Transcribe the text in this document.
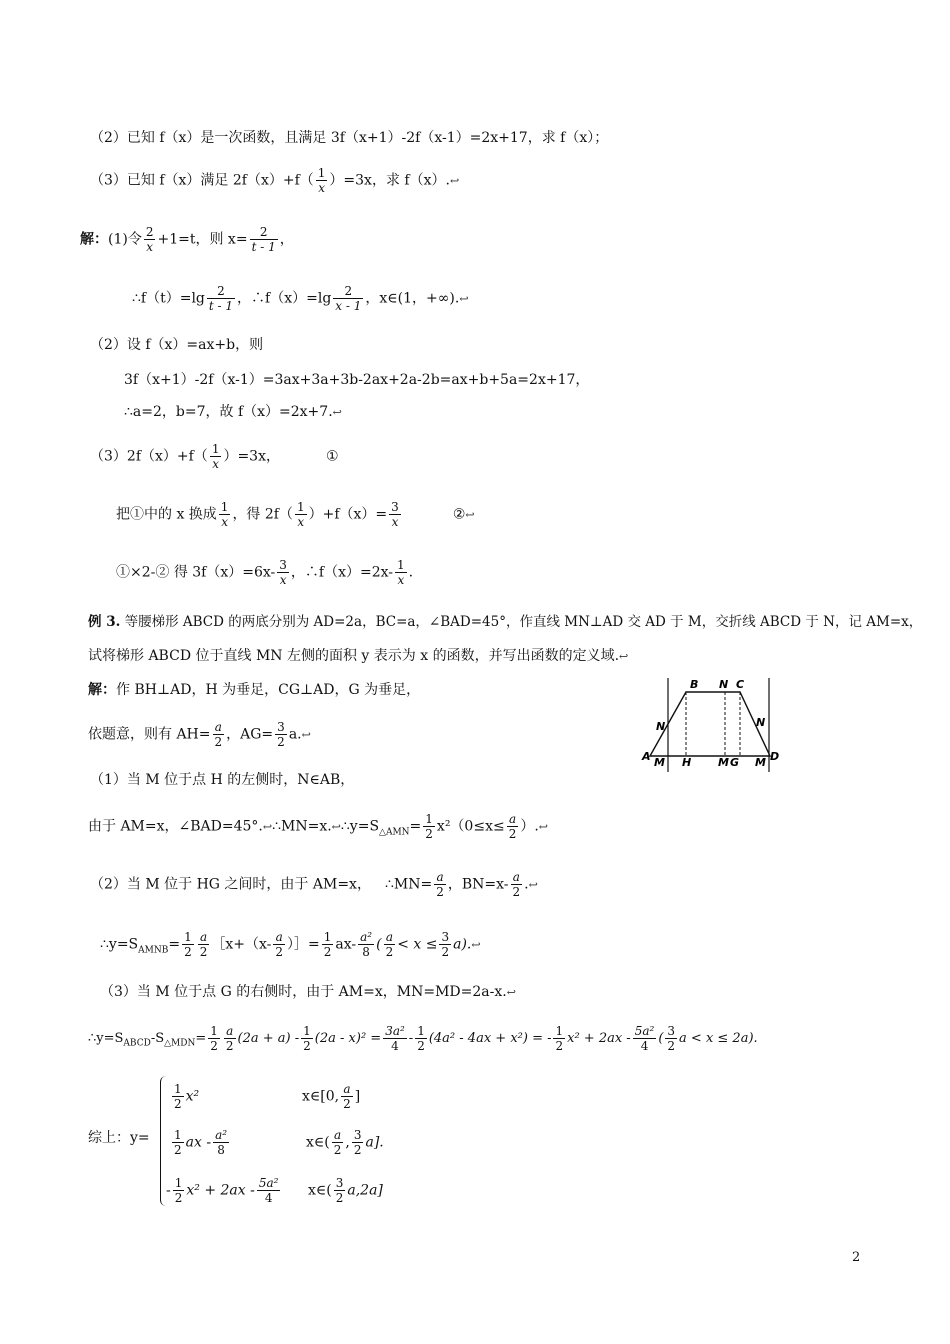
（2）已知 f（x）是一次函数，且满足 3f（x+1）-2f（x-1）=2x+17，求 f（x）；
（3）已知 f（x）满足 $2f(x)+f( \frac{1}{x} )=3x$，求 f（x）.↩
解：(1)令 $\frac{2}{x} +1=t$，则 $x= \frac{2}{t - 1}$ ，
∴f（t）=lg $\frac{2}{t - 1}$ ，∴f（x）=lg $\frac{2}{x - 1}$ ，x∈(1，+∞).↩
（2）设 f（x）=ax+b，则
3f（x+1）-2f（x-1）=3ax+3a+3b-2ax+2a-2b=ax+b+5a=2x+17，
∴a=2，b=7，故 f（x）=2x+7.↩
$(3)2f(x)+f( \frac{1}{x} )=3x$，	①
把①中的 x 换成 $\frac{1}{x}$ ，得 $2f( \frac{1}{x} )+f(x)= \frac{3}{x}$	②↩
①×2-② 得 $3f(x)=6x- \frac{3}{x}$ ，∴f（x）=2x- $\frac{1}{x}$ .
例 3. 等腰梯形 ABCD 的两底分别为 AD=2a，BC=a，∠BAD=45°，作直线 MN⊥AD 交 AD 于 M，交折线 ABCD 于 N，记 AM=x，
试将梯形 ABCD 位于直线 MN 左侧的面积 y 表示为 x 的函数，并写出函数的定义域.↩
解：作 BH⊥AD，H 为垂足，CG⊥AD，G 为垂足，
依题意，则有 $AH= \frac{a}{2}$ ，$AG= \frac{3}{2}$ a.↩
B N C
N	N
A M H M G M D
（1）当 M 位于点 H 的左侧时，N∈AB，
由于 AM=x，$\angle BAD=45^\circ.↩\therefore MN=x.↩\therefore y=S_{\triangle AMN}= \frac{1}{2} x^2(0\le x\le \frac{a}{2}$ ）.↩
（2）当 M 位于 HG 之间时，由于 AM=x， ∴MN= $\frac{a}{2}$ ，$BN=x- \frac{a}{2}$ .↩
$\therefore y=S_{AMNB}= \frac{1}{2} \frac{a}{2}$ ［x+（x- $\frac{a}{2}$ ）］= $\frac{1}{2} ax- \frac{\text{a²}}{8}$ ( $\frac{a}{2} < x \le \frac{3}{2}$ a).↩
（3）当 M 位于点 G 的右侧时，由于 AM=x，MN=MD=2a-x.↩
$\therefore y=S_{ABCD}-S_{\triangle MDN}= \frac{1}{2} \frac{a}{2} (2a + a) - \frac{1}{2} (2a - x)^2 = \frac{\text{3a²}}{4} - \frac{1}{2} (4a^2 - 4ax + x^2)$ = - $\frac{1}{2} x^2 + 2ax - \frac{\text{5a²}}{4}$ ( $\frac{3}{2}$ a < x ≤ 2a).
综上：y=
$\frac{1}{2} x^2$	x∈[0, $\frac{a}{2}$ ]
$\frac{1}{2}$ ax - $\frac{\text{a²}}{8}$	x∈( $\frac{a}{2}$ , $\frac{3}{2} a$].
- $\frac{1}{2} x^2 + 2ax - \frac{\text{5a²}}{4}$ x∈( $\frac{3}{2} a,2a$]
2
